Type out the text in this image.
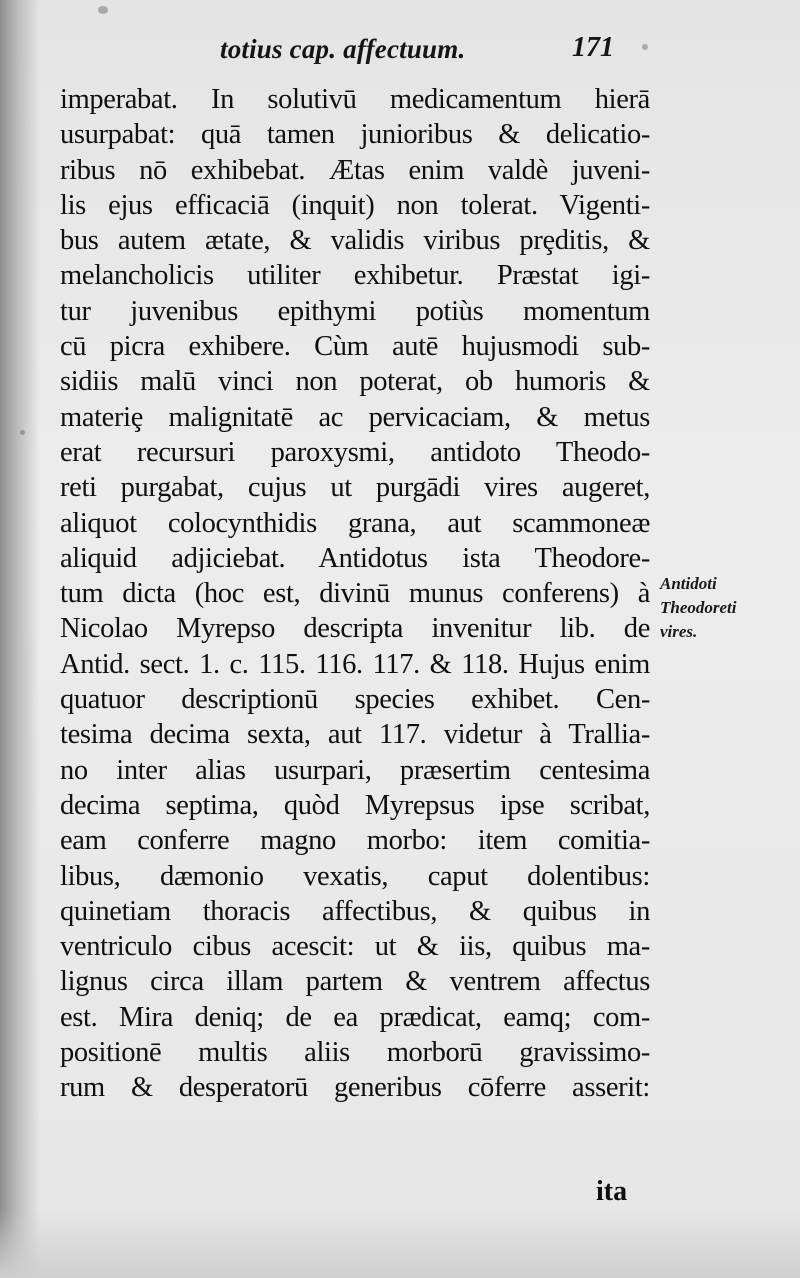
totius cap. affectuum.	171
imperabat. In solutivū medicamentum hierā
usurpabat: quā tamen junioribus & delicatio-
ribus nō exhibebat. Ætas enim valdè juveni-
lis ejus efficaciā (inquit) non tolerat. Vigenti-
bus autem ætate, & validis viribus prȩditis, &
melancholicis utiliter exhibetur. Præstat igi-
tur juvenibus epithymi potiùs momentum
cū picra exhibere. Cùm autē hujusmodi sub-
sidiis malū vinci non poterat, ob humoris &
materiȩ malignitatē ac pervicaciam, & metus
erat recursuri paroxysmi, antidoto Theodo-
reti purgabat, cujus ut purgādi vires augeret,
aliquot colocynthidis grana, aut scammoneæ
aliquid adjiciebat. Antidotus ista Theodore-
tum dicta (hoc est, divinū munus conferens) à
Nicolao Myrepso descripta invenitur lib. de
Antid. sect. 1. c. 115. 116. 117. & 118. Hujus enim
quatuor descriptionū species exhibet. Cen-
tesima decima sexta, aut 117. videtur à Trallia-
no inter alias usurpari, præsertim centesima
decima septima, quòd Myrepsus ipse scribat,
eam conferre magno morbo: item comitia-
libus, dæmonio vexatis, caput dolentibus:
quinetiam thoracis affectibus, & quibus in
ventriculo cibus acescit: ut & iis, quibus ma-
lignus circa illam partem & ventrem affectus
est. Mira deniq; de ea prædicat, eamq; com-
positionē multis aliis morborū gravissimo-
rum & desperatorū generibus cōferre asserit:
Antidoti
Theodoreti
vires.
ita
